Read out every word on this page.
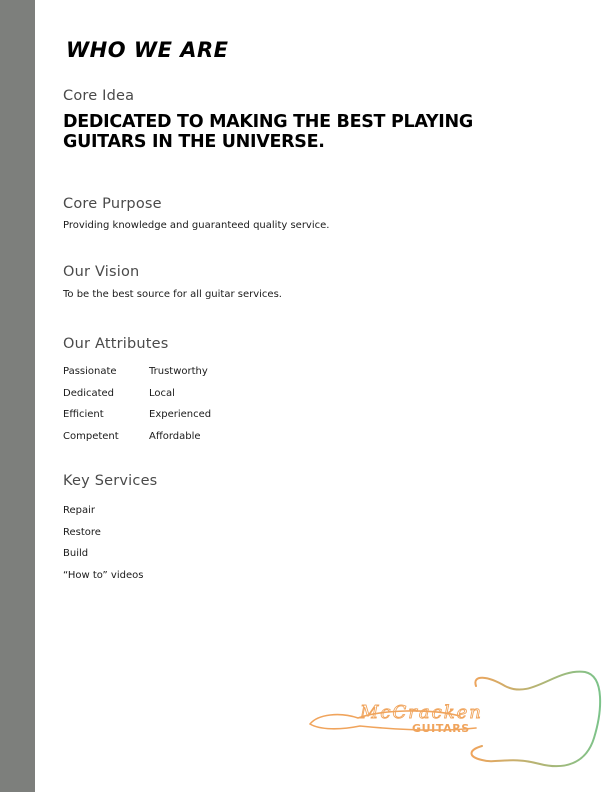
WHO WE ARE
Core Idea

DEDICATED TO MAKING THE BEST PLAYING GUITARS IN THE UNIVERSE.

Core Purpose

Providing knowledge and guaranteed quality service.

Our Vision

To be the best source for all guitar services.

Our Attributes
Passionate	Trustworthy
Dedicated	Local
Efficient	Experienced
Competent	Affordable
Key Services
Repair
Restore
Build
“How to” videos
McCracken
GUITARS
